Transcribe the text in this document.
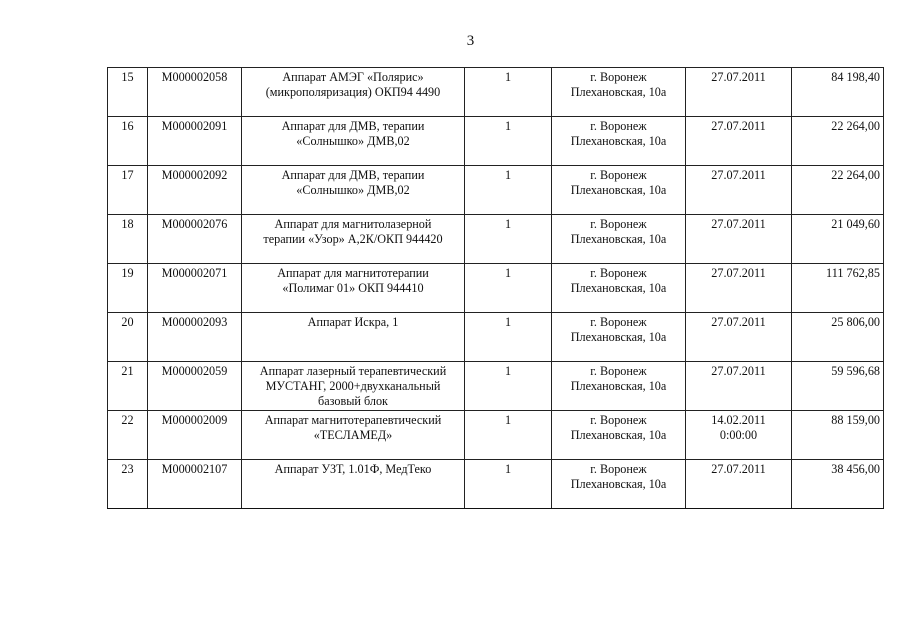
3
15	М000002058	Аппарат АМЭГ «Полярис»
(микрополяризация) ОКП94 4490	1	г. Воронеж
Плехановская, 10а	27.07.2011	84 198,40
16	М000002091	Аппарат для ДМВ, терапии
«Солнышко» ДМВ,02	1	г. Воронеж
Плехановская, 10а	27.07.2011	22 264,00
17	М000002092	Аппарат для ДМВ, терапии
«Солнышко» ДМВ,02	1	г. Воронеж
Плехановская, 10а	27.07.2011	22 264,00
18	М000002076	Аппарат для магнитолазерной
терапии «Узор» А,2К/ОКП 944420	1	г. Воронеж
Плехановская, 10а	27.07.2011	21 049,60
19	М000002071	Аппарат для магнитотерапии
«Полимаг 01» ОКП 944410	1	г. Воронеж
Плехановская, 10а	27.07.2011	111 762,85
20	М000002093	Аппарат Искра, 1	1	г. Воронеж
Плехановская, 10а	27.07.2011	25 806,00
21	М000002059	Аппарат лазерный терапевтический
МУСТАНГ, 2000+двухканальный
базовый блок	1	г. Воронеж
Плехановская, 10а	27.07.2011	59 596,68
22	М000002009	Аппарат магнитотерапевтический
«ТЕСЛАМЕД»	1	г. Воронеж
Плехановская, 10а	14.02.2011
0:00:00	88 159,00
23	М000002107	Аппарат УЗТ, 1.01Ф, МедТеко	1	г. Воронеж
Плехановская, 10а	27.07.2011	38 456,00
